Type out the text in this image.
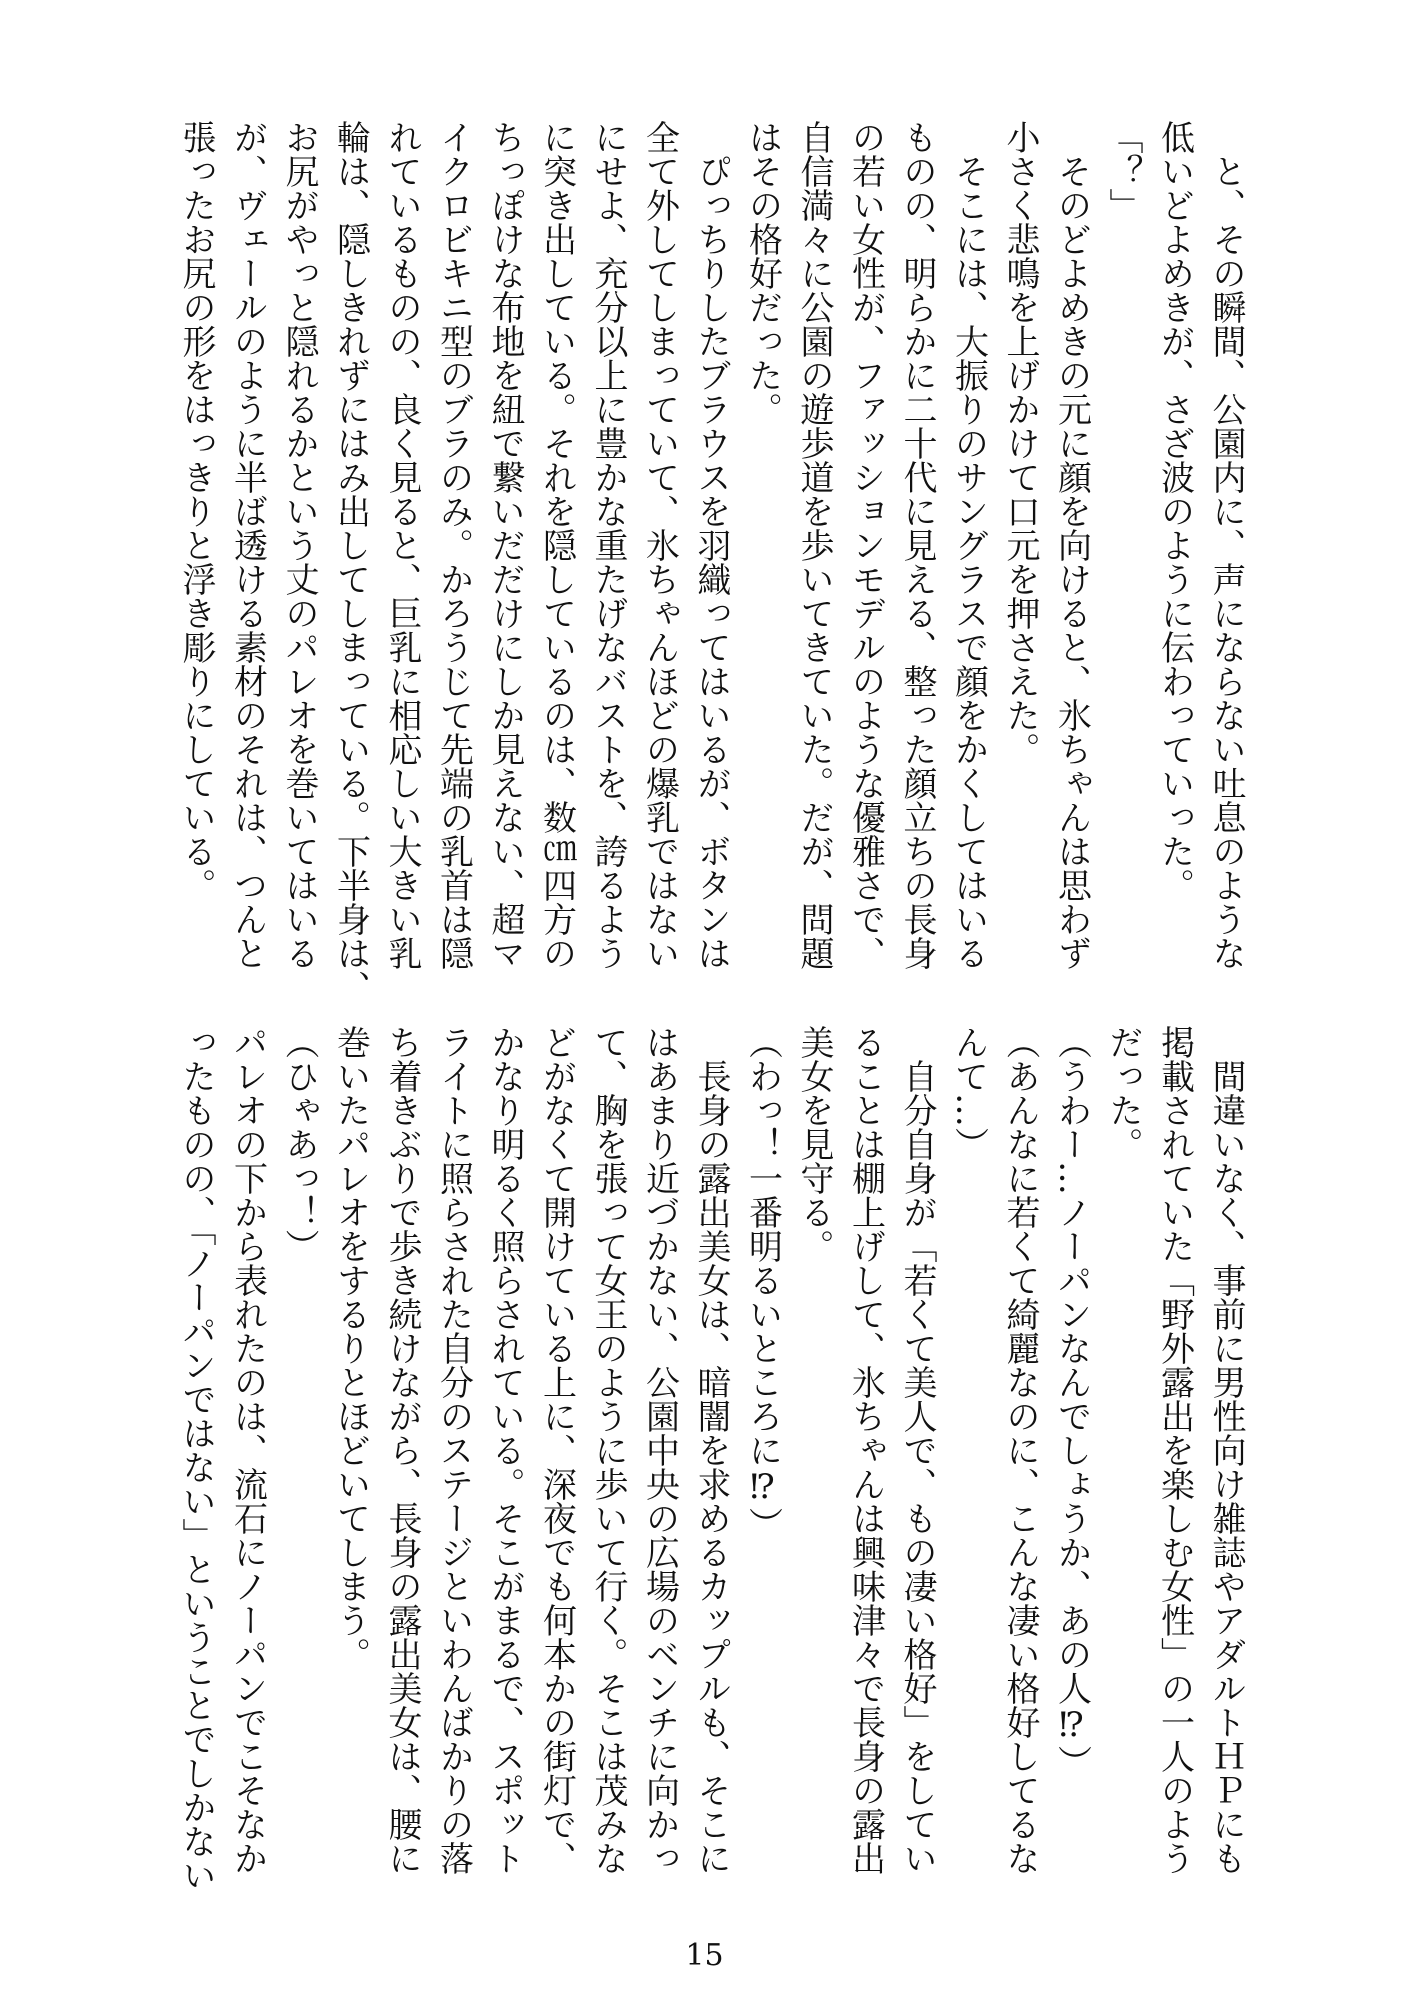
　と、その瞬間、公園内に、声にならない吐息のような
低いどよめきが、さざ波のように伝わっていった。
「？」
　そのどよめきの元に顔を向けると、氷ちゃんは思わず
小さく悲鳴を上げかけて口元を押さえた。
　そこには、大振りのサングラスで顔をかくしてはいる
ものの、明らかに二十代に見える、整った顔立ちの長身
の若い女性が、ファッションモデルのような優雅さで、
自信満々に公園の遊歩道を歩いてきていた。だが、問題
はその格好だった。
　ぴっちりしたブラウスを羽織ってはいるが、ボタンは
全て外してしまっていて、氷ちゃんほどの爆乳ではない
にせよ、充分以上に豊かな重たげなバストを、誇るよう
に突き出している。それを隠しているのは、数㎝四方の
ちっぽけな布地を紐で繋いだだけにしか見えない、超マ
イクロビキニ型のブラのみ。かろうじて先端の乳首は隠
れているものの、良く見ると、巨乳に相応しい大きい乳
輪は、隠しきれずにはみ出してしまっている。下半身は、
お尻がやっと隠れるかという丈のパレオを巻いてはいる
が、ヴェールのように半ば透ける素材のそれは、つんと
張ったお尻の形をはっきりと浮き彫りにしている。
　間違いなく、事前に男性向け雑誌やアダルトＨＰにも
掲載されていた「野外露出を楽しむ女性」の一人のよう
だった。
（うわー…ノーパンなんでしょうか、あの人⁉）
（あんなに若くて綺麗なのに、こんな凄い格好してるな
んて…）
　自分自身が「若くて美人で、もの凄い格好」をしてい
ることは棚上げして、氷ちゃんは興味津々で長身の露出
美女を見守る。
（わっ！一番明るいところに⁉）
　長身の露出美女は、暗闇を求めるカップルも、そこに
はあまり近づかない、公園中央の広場のベンチに向かっ
て、胸を張って女王のように歩いて行く。そこは茂みな
どがなくて開けている上に、深夜でも何本かの街灯で、
かなり明るく照らされている。そこがまるで、スポット
ライトに照らされた自分のステージといわんばかりの落
ち着きぶりで歩き続けながら、長身の露出美女は、腰に
巻いたパレオをするりとほどいてしまう。
（ひゃあっ！）
パレオの下から表れたのは、流石にノーパンでこそなか
ったものの、「ノーパンではない」ということでしかない
15
